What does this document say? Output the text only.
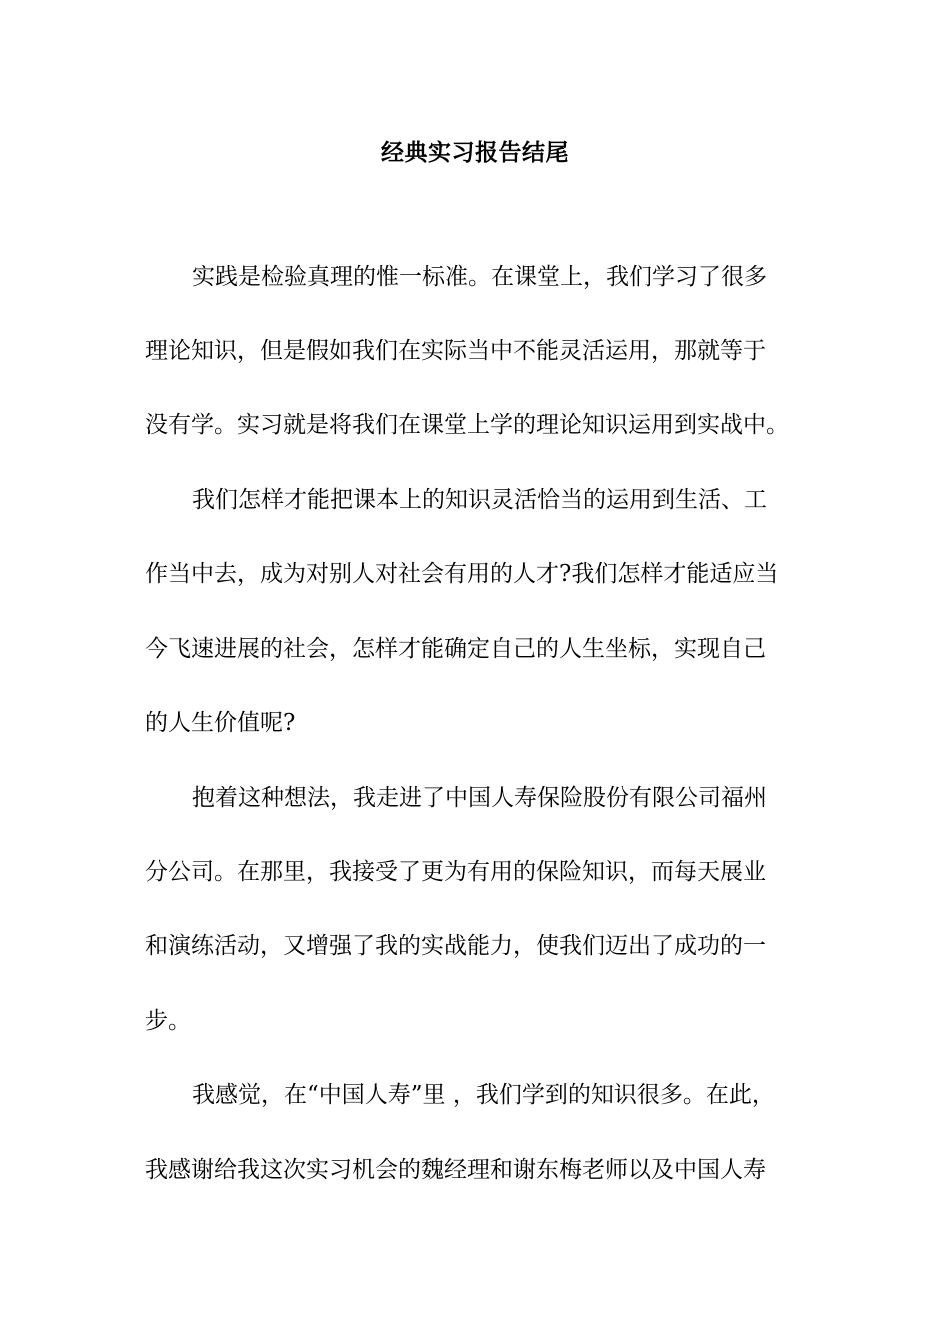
经典实习报告结尾
实践是检验真理的惟一标准。在课堂上，我们学习了很多
理论知识，但是假如我们在实际当中不能灵活运用，那就等于
没有学。实习就是将我们在课堂上学的理论知识运用到实战中。
我们怎样才能把课本上的知识灵活恰当的运用到生活、工
作当中去，成为对别人对社会有用的人才?我们怎样才能适应当
今飞速进展的社会，怎样才能确定自己的人生坐标，实现自己
的人生价值呢?
抱着这种想法，我走进了中国人寿保险股份有限公司福州
分公司。在那里，我接受了更为有用的保险知识，而每天展业
和演练活动，又增强了我的实战能力，使我们迈出了成功的一
步。
我感觉，在“中国人寿”里 ，我们学到的知识很多。在此，
我感谢给我这次实习机会的魏经理和谢东梅老师以及中国人寿
